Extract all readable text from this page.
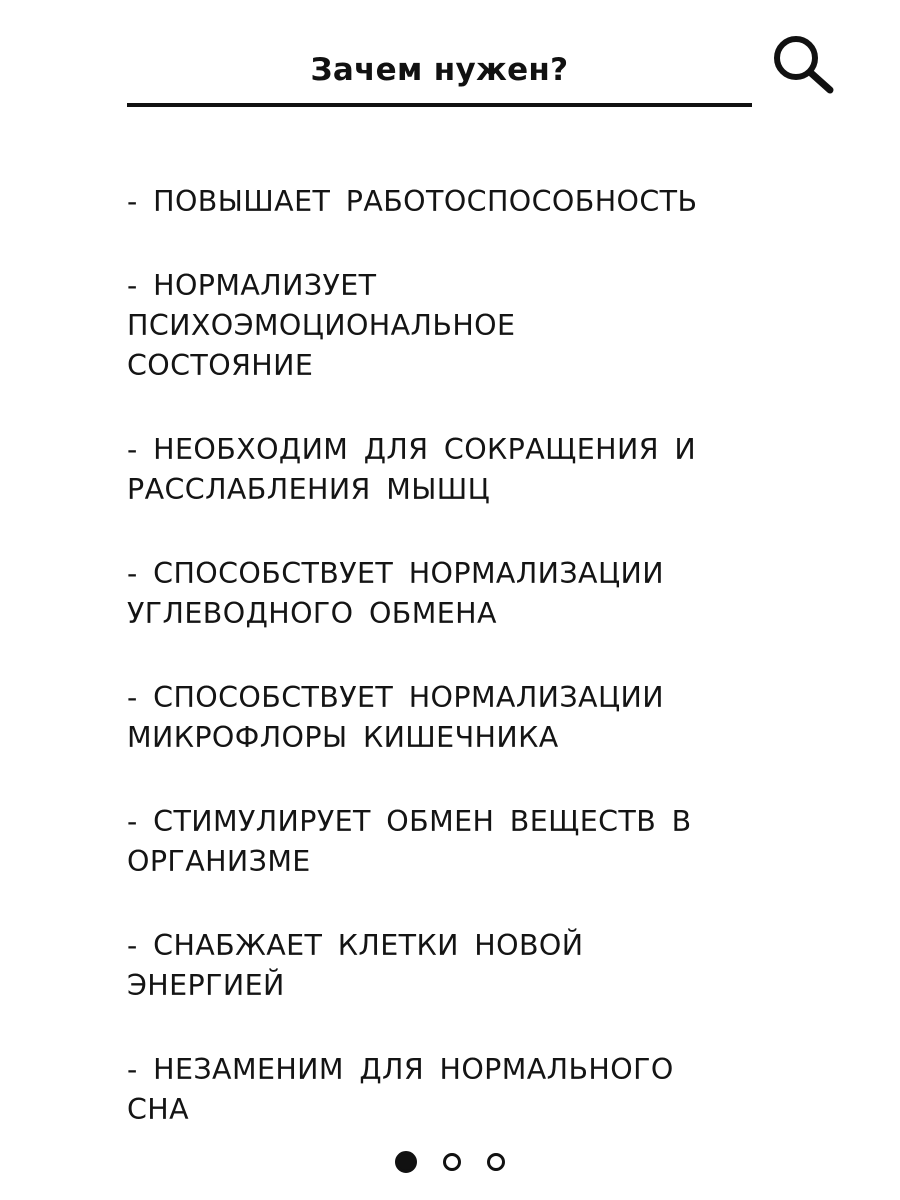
Зачем нужен?
- ПОВЫШАЕТ РАБОТОСПОСОБНОСТЬ
- НОРМАЛИЗУЕТ
ПСИХОЭМОЦИОНАЛЬНОЕ
СОСТОЯНИЕ
- НЕОБХОДИМ ДЛЯ СОКРАЩЕНИЯ И
РАССЛАБЛЕНИЯ МЫШЦ
- СПОСОБСТВУЕТ НОРМАЛИЗАЦИИ
УГЛЕВОДНОГО ОБМЕНА
- СПОСОБСТВУЕТ НОРМАЛИЗАЦИИ
МИКРОФЛОРЫ КИШЕЧНИКА
- СТИМУЛИРУЕТ ОБМЕН ВЕЩЕСТВ В
ОРГАНИЗМЕ
- СНАБЖАЕТ КЛЕТКИ НОВОЙ
ЭНЕРГИЕЙ
- НЕЗАМЕНИМ ДЛЯ НОРМАЛЬНОГО
СНА
